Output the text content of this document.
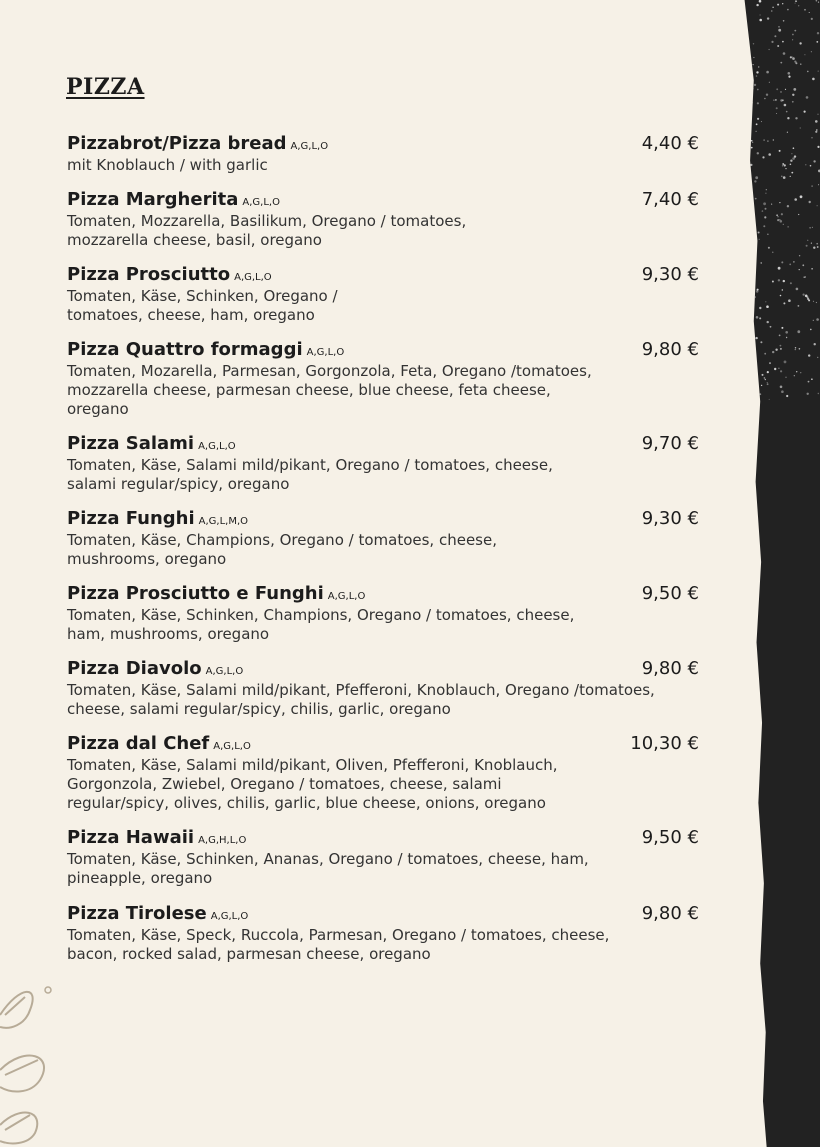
PIZZA
Pizzabrot/Pizza bread A,G,L,O	4,40 €
mit Knoblauch / with garlic
Pizza Margherita A,G,L,O	7,40 €
Tomaten, Mozzarella, Basilikum, Oregano / tomatoes, mozzarella cheese, basil, oregano
Pizza Prosciutto A,G,L,O	9,30 €
Tomaten, Käse, Schinken, Oregano / tomatoes, cheese, ham, oregano
Pizza Quattro formaggi A,G,L,O	9,80 €
Tomaten, Mozarella, Parmesan, Gorgonzola, Feta, Oregano /tomatoes, mozzarella cheese, parmesan cheese, blue cheese, feta cheese, oregano
Pizza Salami A,G,L,O	9,70 €
Tomaten, Käse, Salami mild/pikant, Oregano / tomatoes, cheese, salami regular/spicy, oregano
Pizza Funghi A,G,L,M,O	9,30 €
Tomaten, Käse, Champions, Oregano / tomatoes, cheese, mushrooms, oregano
Pizza Prosciutto e Funghi A,G,L,O	9,50 €
Tomaten, Käse, Schinken, Champions, Oregano / tomatoes, cheese, ham, mushrooms, oregano
Pizza Diavolo A,G,L,O	9,80 €
Tomaten, Käse, Salami mild/pikant, Pfefferoni, Knoblauch, Oregano /tomatoes, cheese, salami regular/spicy, chilis, garlic, oregano
Pizza dal Chef A,G,L,O	10,30 €
Tomaten, Käse, Salami mild/pikant, Oliven, Pfefferoni, Knoblauch, Gorgonzola, Zwiebel, Oregano / tomatoes, cheese, salami regular/spicy, olives, chilis, garlic, blue cheese, onions, oregano
Pizza Hawaii A,G,H,L,O	9,50 €
Tomaten, Käse, Schinken, Ananas, Oregano / tomatoes, cheese, ham, pineapple, oregano
Pizza Tirolese A,G,L,O	9,80 €
Tomaten, Käse, Speck, Ruccola, Parmesan, Oregano / tomatoes, cheese, bacon, rocked salad, parmesan cheese, oregano
